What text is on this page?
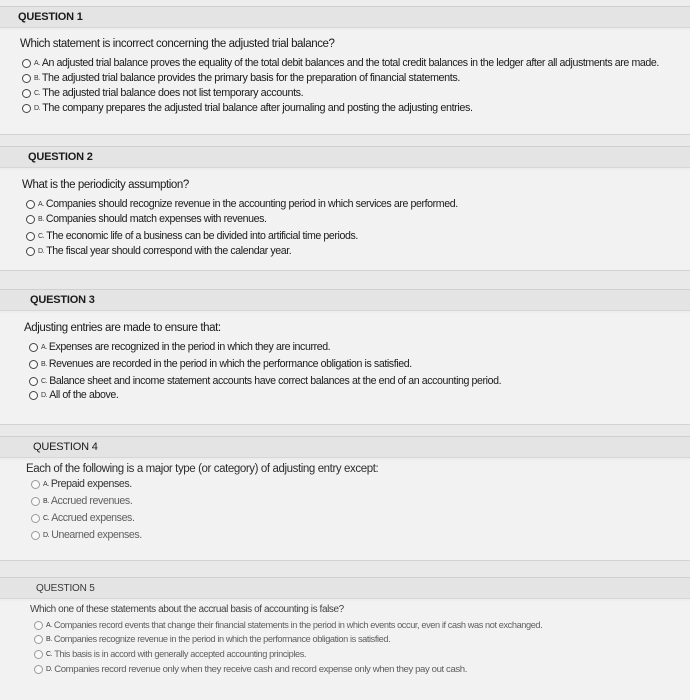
QUESTION 1
Which statement is incorrect concerning the adjusted trial balance?
A. An adjusted trial balance proves the equality of the total debit balances and the total credit balances in the ledger after all adjustments are made.
B. The adjusted trial balance provides the primary basis for the preparation of financial statements.
C. The adjusted trial balance does not list temporary accounts.
D. The company prepares the adjusted trial balance after journaling and posting the adjusting entries.
QUESTION 2
What is the periodicity assumption?
A. Companies should recognize revenue in the accounting period in which services are performed.
B. Companies should match expenses with revenues.
C. The economic life of a business can be divided into artificial time periods.
D. The fiscal year should correspond with the calendar year.
QUESTION 3
Adjusting entries are made to ensure that:
A. Expenses are recognized in the period in which they are incurred.
B. Revenues are recorded in the period in which the performance obligation is satisfied.
C. Balance sheet and income statement accounts have correct balances at the end of an accounting period.
D. All of the above.
QUESTION 4
Each of the following is a major type (or category) of adjusting entry except:
A. Prepaid expenses.
B. Accrued revenues.
C. Accrued expenses.
D. Unearned expenses.
QUESTION 5
Which one of these statements about the accrual basis of accounting is false?
A. Companies record events that change their financial statements in the period in which events occur, even if cash was not exchanged.
B. Companies recognize revenue in the period in which the performance obligation is satisfied.
C. This basis is in accord with generally accepted accounting principles.
D. Companies record revenue only when they receive cash and record expense only when they pay out cash.
